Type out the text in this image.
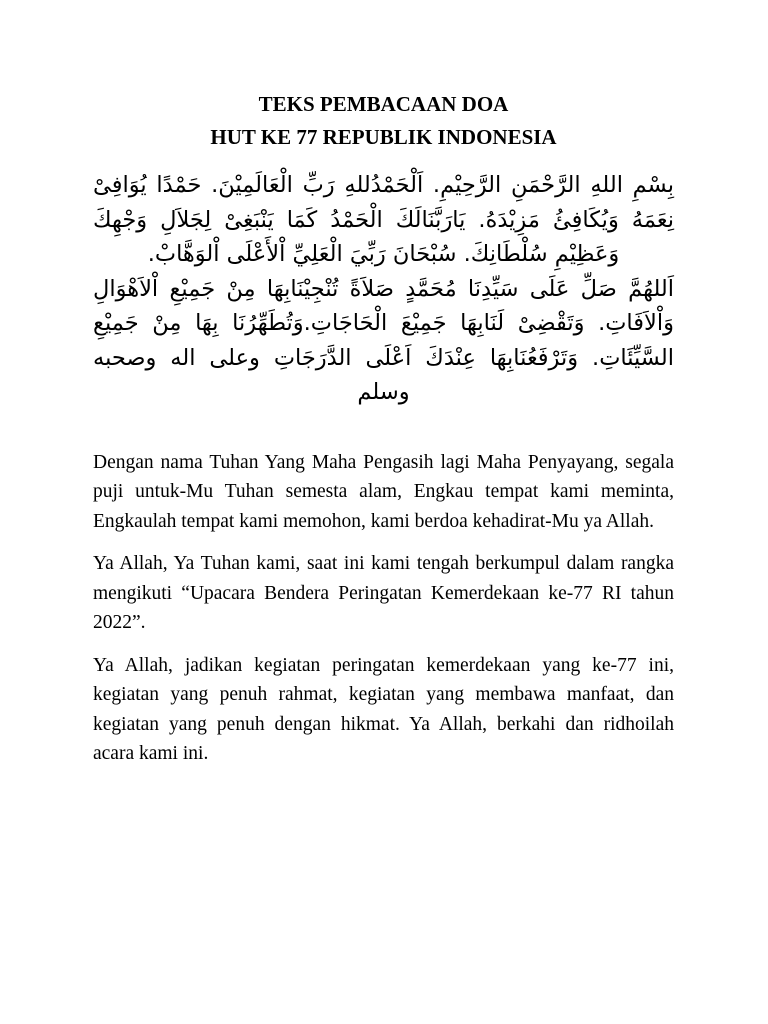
TEKS PEMBACAAN DOA
HUT KE 77 REPUBLIK INDONESIA

بِسْمِ اللهِ الرَّحْمَنِ الرَّحِيْمِ. اَلْحَمْدُللهِ رَبِّ الْعَالَمِيْنَ. حَمْدًا يُوَافِىْ نِعَمَهُ وَيُكَافِئُ مَزِيْدَهُ. يَارَبَّنَالَكَ الْحَمْدُ كَمَا يَنْبَغِىْ لِجَلاَلِ وَجْهِكَ وَعَظِيْمِ سُلْطَانِكَ. سُبْحَانَ رَبِّيَ الْعَلِيِّ اْلأَعْلَى اْلوَهَّابْ.

اَللهُمَّ صَلِّ عَلَى سَيِّدِنَا مُحَمَّدٍ صَلاَةً تُنْجِيْنَابِهَا مِنْ جَمِيْعِ اْلاَهْوَالِ وَاْلاَفَاتِ. وَتَقْضِىْ لَنَابِهَا جَمِيْعَ الْحَاجَاتِ.وَتُطَهِّرُنَا بِهَا مِنْ جَمِيْعِ السَّيِّئَاتِ. وَتَرْفَعُنَابِهَا عِنْدَكَ اَعْلَى الدَّرَجَاتِ وعلى اله وصحبه وسلم

Dengan nama Tuhan Yang Maha Pengasih lagi Maha Penyayang, segala puji untuk-Mu Tuhan semesta alam, Engkau tempat kami meminta, Engkaulah tempat kami memohon, kami berdoa kehadirat-Mu ya Allah.

Ya Allah, Ya Tuhan kami, saat ini kami tengah berkumpul dalam rangka mengikuti “Upacara Bendera Peringatan Kemerdekaan ke-77 RI tahun 2022”.

Ya Allah, jadikan kegiatan peringatan kemerdekaan yang ke-77 ini, kegiatan yang penuh rahmat, kegiatan yang membawa manfaat, dan kegiatan yang penuh dengan hikmat. Ya Allah, berkahi dan ridhoilah acara kami ini.
